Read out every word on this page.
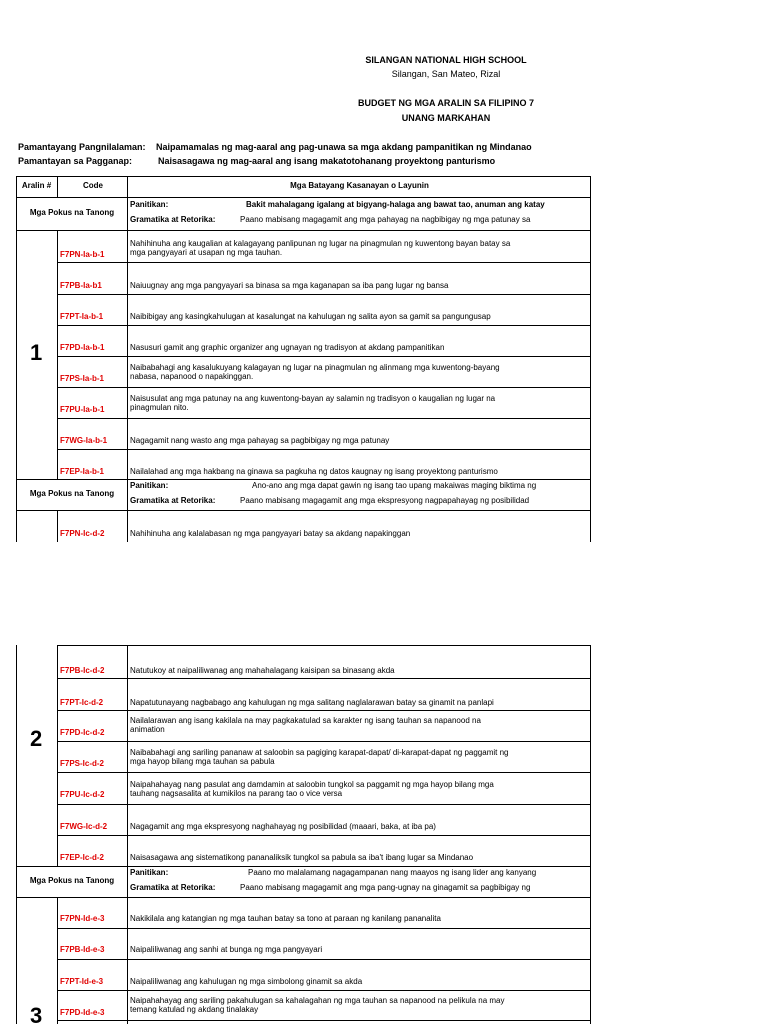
SILANGAN NATIONAL HIGH SCHOOL
Silangan, San Mateo, Rizal
BUDGET NG MGA ARALIN SA FILIPINO 7
UNANG MARKAHAN
Pamantayang Pangnilalaman: Naipamamalas ng mag-aaral ang pag-unawa sa mga akdang pampanitikan ng Mindanao
Pamantayan sa Pagganap:	Naisasagawa ng mag-aaral ang isang makatotohanang proyektong panturismo
Aralin #	Code	Mga Batayang Kasanayan o Layunin
Mga Pokus na Tanong
Panitikan:	Bakit mahalagang igalang at bigyang-halaga ang bawat tao, anuman ang katay
Gramatika at Retorika:	Paano mabisang magagamit ang mga pahayag na nagbibigay ng mga patunay sa
1
F7PN-Ia-b-1
Nahihinuha ang kaugalian at kalagayang panlipunan ng lugar na pinagmulan ng kuwentong bayan batay sa
mga pangyayari at usapan ng mga tauhan.
F7PB-Ia-b1	Naiuugnay ang mga pangyayari sa binasa sa mga kaganapan sa iba pang lugar ng bansa
F7PT-Ia-b-1	Naibibigay ang kasingkahulugan at kasalungat na kahulugan ng salita ayon sa gamit sa pangungusap
F7PD-Ia-b-1	Nasusuri gamit ang graphic organizer ang ugnayan ng tradisyon at akdang pampanitikan
F7PS-Ia-b-1
Naibabahagi ang kasalukuyang kalagayan ng lugar na pinagmulan ng alinmang mga kuwentong-bayang
nabasa, napanood o napakinggan.
F7PU-Ia-b-1
Naisusulat ang mga patunay na ang kuwentong-bayan ay salamin ng tradisyon o kaugalian ng lugar na
pinagmulan nito.
F7WG-Ia-b-1	Nagagamit nang wasto ang mga pahayag sa pagbibigay ng mga patunay
F7EP-Ia-b-1	Nailalahad ang mga hakbang na ginawa sa pagkuha ng datos kaugnay ng isang proyektong panturismo
Mga Pokus na Tanong
Panitikan:	Ano-ano ang mga dapat gawin ng isang tao upang makaiwas maging biktima ng
Gramatika at Retorika:	Paano mabisang magagamit ang mga ekspresyong nagpapahayag ng posibilidad
F7PN-Ic-d-2	Nahihinuha ang kalalabasan ng mga pangyayari batay sa akdang napakinggan
2
F7PB-Ic-d-2	Natutukoy at naipaliliwanag ang mahahalagang kaisipan sa binasang akda
F7PT-Ic-d-2	Napatutunayang nagbabago ang kahulugan ng mga salitang naglalarawan batay sa ginamit na panlapi
F7PD-Ic-d-2
Nailalarawan ang isang kakilala na may pagkakatulad sa karakter ng isang tauhan sa napanood na
animation
F7PS-Ic-d-2
Naibabahagi ang sariling pananaw at saloobin sa pagiging karapat-dapat/ di-karapat-dapat ng paggamit ng
mga hayop bilang mga tauhan sa pabula
F7PU-Ic-d-2
Naipahahayag nang pasulat ang damdamin at saloobin tungkol sa paggamit ng mga hayop bilang mga
tauhang nagsasalita at kumikilos na parang tao o vice versa
F7WG-Ic-d-2	Nagagamit ang mga ekspresyong naghahayag ng posibilidad (maaari, baka, at iba pa)
F7EP-Ic-d-2	Naisasagawa ang sistematikong pananaliksik tungkol sa pabula sa iba't ibang lugar sa Mindanao
Mga Pokus na Tanong
Panitikan:	Paano mo malalamang nagagampanan nang maayos ng isang lider ang kanyang
Gramatika at Retorika:	Paano mabisang magagamit ang mga pang-ugnay na ginagamit sa pagbibigay ng
3
F7PN-Id-e-3	Nakikilala ang katangian ng mga tauhan batay sa tono at paraan ng kanilang pananalita
F7PB-Id-e-3	Naipaliliwanag ang sanhi at bunga ng mga pangyayari
F7PT-Id-e-3	Naipaliliwanag ang kahulugan ng mga simbolong ginamit sa akda
F7PD-Id-e-3
Naipahahayag ang sariling pakahulugan sa kahalagahan ng mga tauhan sa napanood na pelikula na may
temang katulad ng akdang tinalakay
